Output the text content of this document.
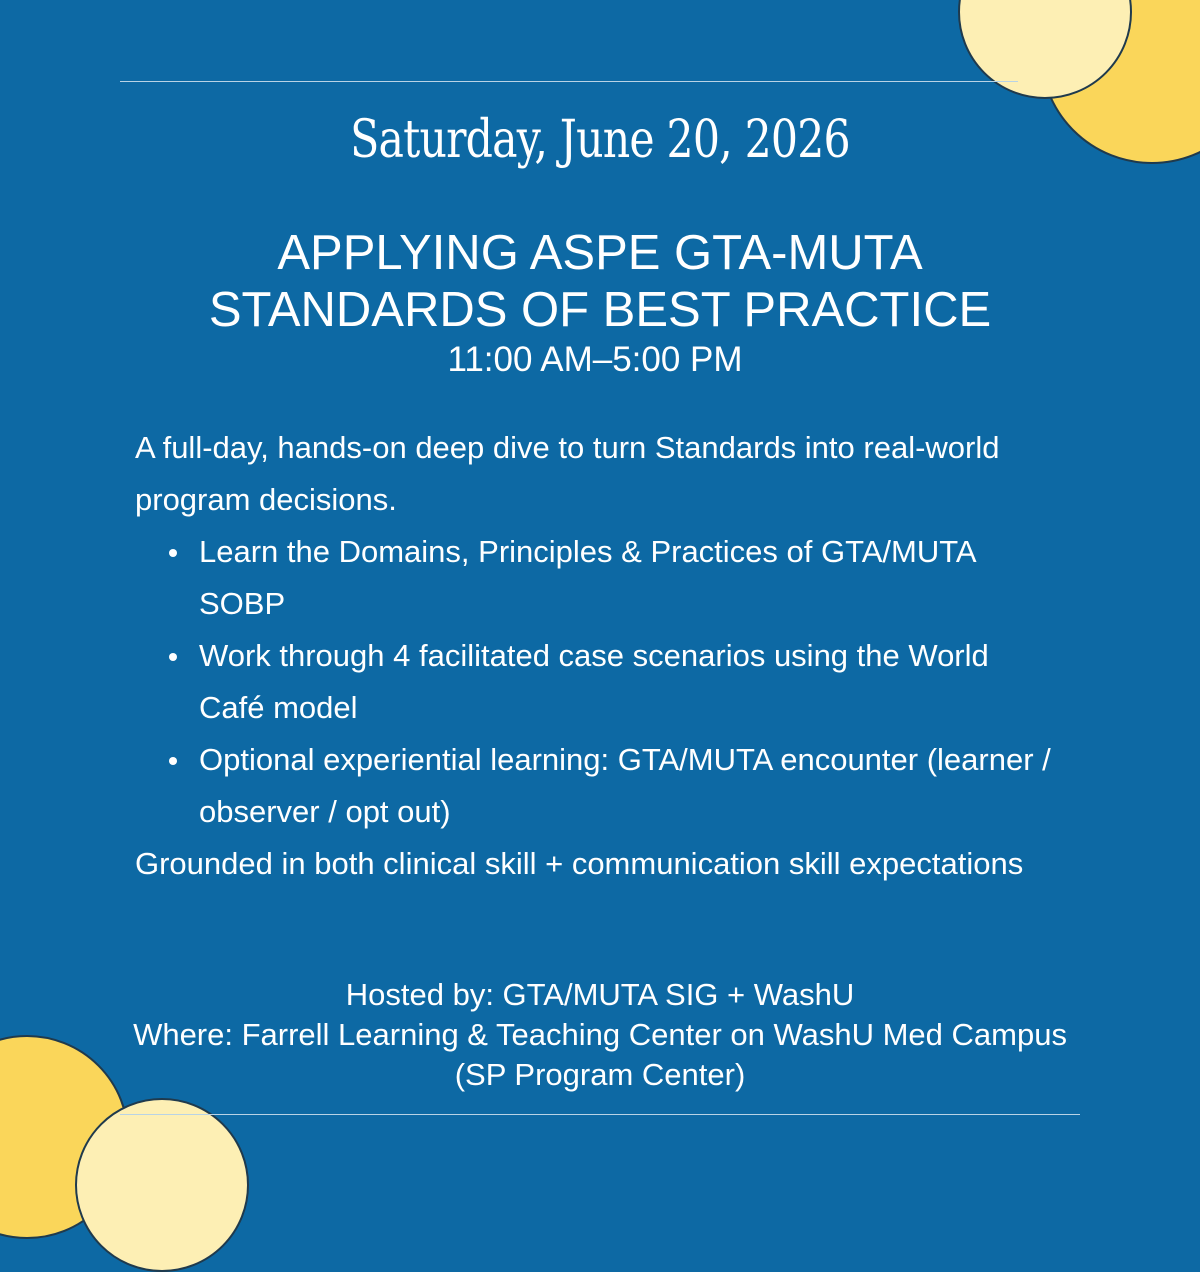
Saturday, June 20, 2026
APPLYING ASPE GTA-MUTA
STANDARDS OF BEST PRACTICE
11:00 AM–5:00 PM

A full-day, hands-on deep dive to turn Standards into real-world program decisions.

Learn the Domains, Principles & Practices of GTA/MUTA SOBP
Work through 4 facilitated case scenarios using the World Café model
Optional experiential learning: GTA/MUTA encounter (learner / observer / opt out)

Grounded in both clinical skill + communication skill expectations

Hosted by: GTA/MUTA SIG + WashU
Where: Farrell Learning & Teaching Center on WashU Med Campus (SP Program Center)
